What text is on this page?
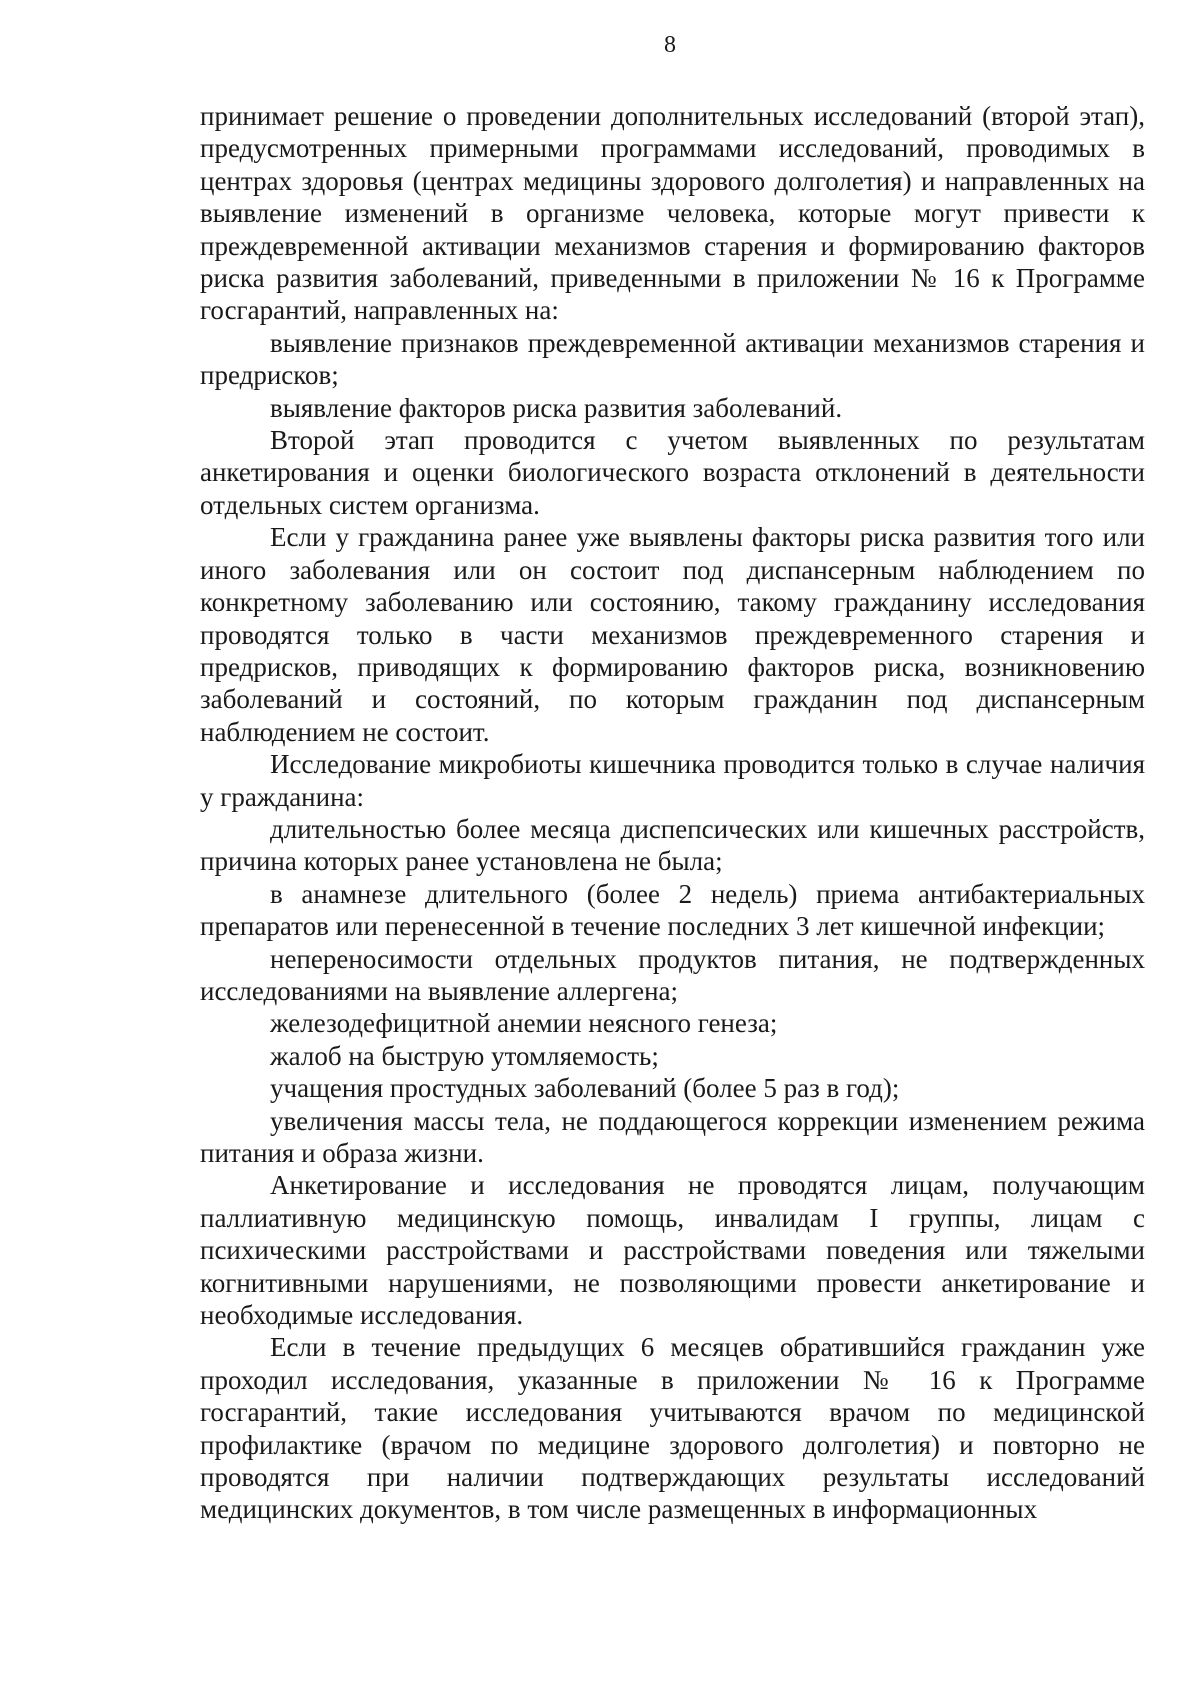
8

принимает решение о проведении дополнительных исследований (второй этап), предусмотренных примерными программами исследований, проводимых в центрах здоровья (центрах медицины здорового долголетия) и направленных на выявление изменений в организме человека, которые могут привести к преждевременной активации механизмов старения и формированию факторов риска развития заболеваний, приведенными в приложении № 16 к Программе госгарантий, направленных на:

выявление признаков преждевременной активации механизмов старения и предрисков;

выявление факторов риска развития заболеваний.

Второй этап проводится с учетом выявленных по результатам анкетирования и оценки биологического возраста отклонений в деятельности отдельных систем организма.

Если у гражданина ранее уже выявлены факторы риска развития того или иного заболевания или он состоит под диспансерным наблюдением по конкретному заболеванию или состоянию, такому гражданину исследования проводятся только в части механизмов преждевременного старения и предрисков, приводящих к формированию факторов риска, возникновению заболеваний и состояний, по которым гражданин под диспансерным наблюдением не состоит.

Исследование микробиоты кишечника проводится только в случае наличия у гражданина:

длительностью более месяца диспепсических или кишечных расстройств, причина которых ранее установлена не была;

в анамнезе длительного (более 2 недель) приема антибактериальных препаратов или перенесенной в течение последних 3 лет кишечной инфекции;

непереносимости отдельных продуктов питания, не подтвержденных исследованиями на выявление аллергена;

железодефицитной анемии неясного генеза;

жалоб на быструю утомляемость;

учащения простудных заболеваний (более 5 раз в год);

увеличения массы тела, не поддающегося коррекции изменением режима питания и образа жизни.

Анкетирование и исследования не проводятся лицам, получающим паллиативную медицинскую помощь, инвалидам I группы, лицам с психическими расстройствами и расстройствами поведения или тяжелыми когнитивными нарушениями, не позволяющими провести анкетирование и необходимые исследования.

Если в течение предыдущих 6 месяцев обратившийся гражданин уже проходил исследования, указанные в приложении № 16 к Программе госгарантий, такие исследования учитываются врачом по медицинской профилактике (врачом по медицине здорового долголетия) и повторно не проводятся при наличии подтверждающих результаты исследований медицинских документов, в том числе размещенных в информационных
